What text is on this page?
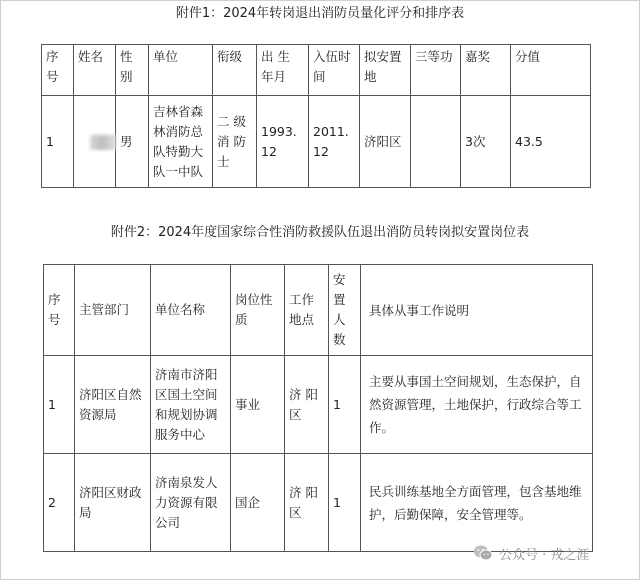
附件1：2024年转岗退出消防员量化评分和排序表
序号	姓名	性别	单位	衔级	出 生 年月	入伍时间	拟安置地	三等功	嘉奖	分值
1		男	吉林省森林消防总队特勤大队一中队	二 级 消 防 士	1993.12	2011.12	济阳区		3次	43.5
附件2：2024年度国家综合性消防救援队伍退出消防员转岗拟安置岗位表
序号	主管部门	单位名称	岗位性质	工作地点	安置人数	具体从事工作说明
1	济阳区自然资源局	济南市济阳区国土空间和规划协调服务中心	事业	济 阳 区	1	主要从事国土空间规划，生态保护，自然资源管理，土地保护，行政综合等工作。
2	济阳区财政局	济南泉发人力资源有限公司	国企	济 阳 区	1	民兵训练基地全方面管理，包含基地维护，后勤保障，安全管理等。
公众号 · 戎之涯
